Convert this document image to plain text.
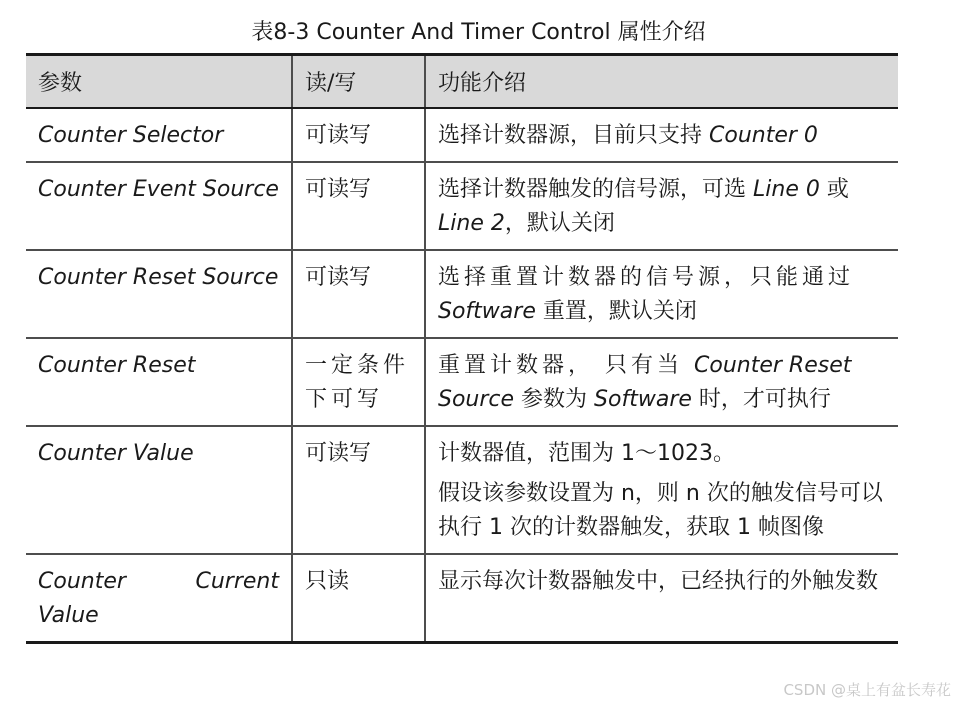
表8-3 Counter And Timer Control 属性介绍
参数	读/写	功能介绍
Counter Selector	可读写	选择计数器源，目前只支持 Counter 0
Counter Event Source	可读写	选择计数器触发的信号源，可选 Line 0 或 Line 2，默认关闭
Counter Reset Source	可读写	选择重置计数器的信号源，只能通过 Software 重置，默认关闭
Counter Reset	一定条件下可写	重置计数器， 只有当 Counter Reset Source 参数为 Software 时，才可执行
Counter Value	可读写	计数器值，范围为 1～1023。

假设该参数设置为 n，则 n 次的触发信号可以执行 1 次的计数器触发，获取 1 帧图像

Counter Current
Value	只读	显示每次计数器触发中，已经执行的外触发数
CSDN @桌上有盆长寿花
